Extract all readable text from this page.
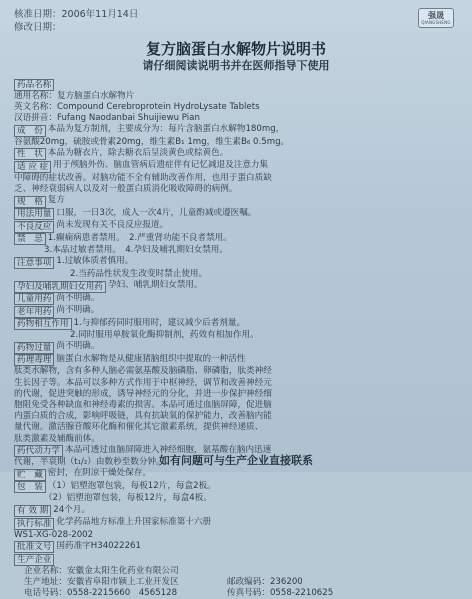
核准日期：2006年11月14日
修改日期：
强晟
QIANGSHENG
复方脑蛋白水解物片说明书
请仔细阅读说明书并在医师指导下使用
药品名称
通用名称：复方脑蛋白水解物片
英文名称：Compound Cerebroprotein HydroLysate Tablets
汉语拼音：Fufang Naodanbai Shuijiewu Pian
成　份 本品为复方制剂，主要成分为：每片含脑蛋白水解物180mg，
谷氨酸20mg，硫胺或骨素20mg，维生素B₁ 1mg，维生素B₆ 0.5mg。
性　状 本品为糖衣片，除去糖衣后呈淡黄色或棕黄色。
适 应 症 用于颅脑外伤、脑血管病后遗症伴有记忆减退及注意力集
中障碍的症状改善。对脑功能不全有辅助改善作用，也用于蛋白质缺
乏、神经衰弱病人以及对一般蛋白质消化吸收障碍的病例。
规　格 复方
用法用量 口服，一日3次，成人一次4片，儿童酌减或遵医嘱。
不良反应 尚未发现有关不良反应报道。
禁　忌 1.癫痫病患者禁用。　2.严重肾功能不良者禁用。
3.本品过敏者禁用。　4.孕妇及哺乳期妇女禁用。
注意事项 1.过敏体质者慎用。
2.当药品性状发生改变时禁止使用。
孕妇及哺乳期妇女用药 孕妇、哺乳期妇女禁用。
儿童用药 尚不明确。
老年用药 尚不明确。
药物相互作用 1.与抑郁药同时服用时，建议减少后者剂量。
2.同时服用单胺氧化酶抑制剂，药效有相加作用。
药物过量 尚不明确。
药理毒理 脑蛋白水解物是从健康猪脑组织中提取的一种活性
肽类水解物，含有多种人脑必需氨基酸及脑磷脂、卵磷脂，肽类神经
生长因子等。本品可以多种方式作用于中枢神经，调节和改善神经元
的代谢，促进突触的形成，诱导神经元的分化，并进一步保护神经细
胞阻免受各种缺血和神经毒素的损害。本品可通过血脑屏障，促进脑
内蛋白质的合成，影响呼吸链，具有抗缺氧的保护能力，改善脑内能
量代谢。激活腺苷酸环化酶和催化其它激素系统，提供神经递质、
肽类激素及辅酶前体。
药代动力学 本品可透过血脑屏障进入神经细胞，氨基酸在脑内迅速
代谢，半衰期（t₁/₂）由数秒至数分钟。
贮　藏 密封，在阴凉干燥处保存。
包　装 （1）铝塑泡罩包装，每板12片，每盒2板。
（2）铝塑泡罩包装，每板12片，每盒4板。
有 效 期 24个月。
执行标准 化学药品地方标准上升国家标准第十六册
WS1-XG-028-2002
批准文号 国药准字H34022261
生产企业
企业名称：安徽金太阳生化药业有限公司
生产地址：安徽省阜阳市颍上工业开发区	邮政编码：236200
电话号码：0558-2215660　4565128	传真号码：0558-2210625
如有问题可与生产企业直接联系
